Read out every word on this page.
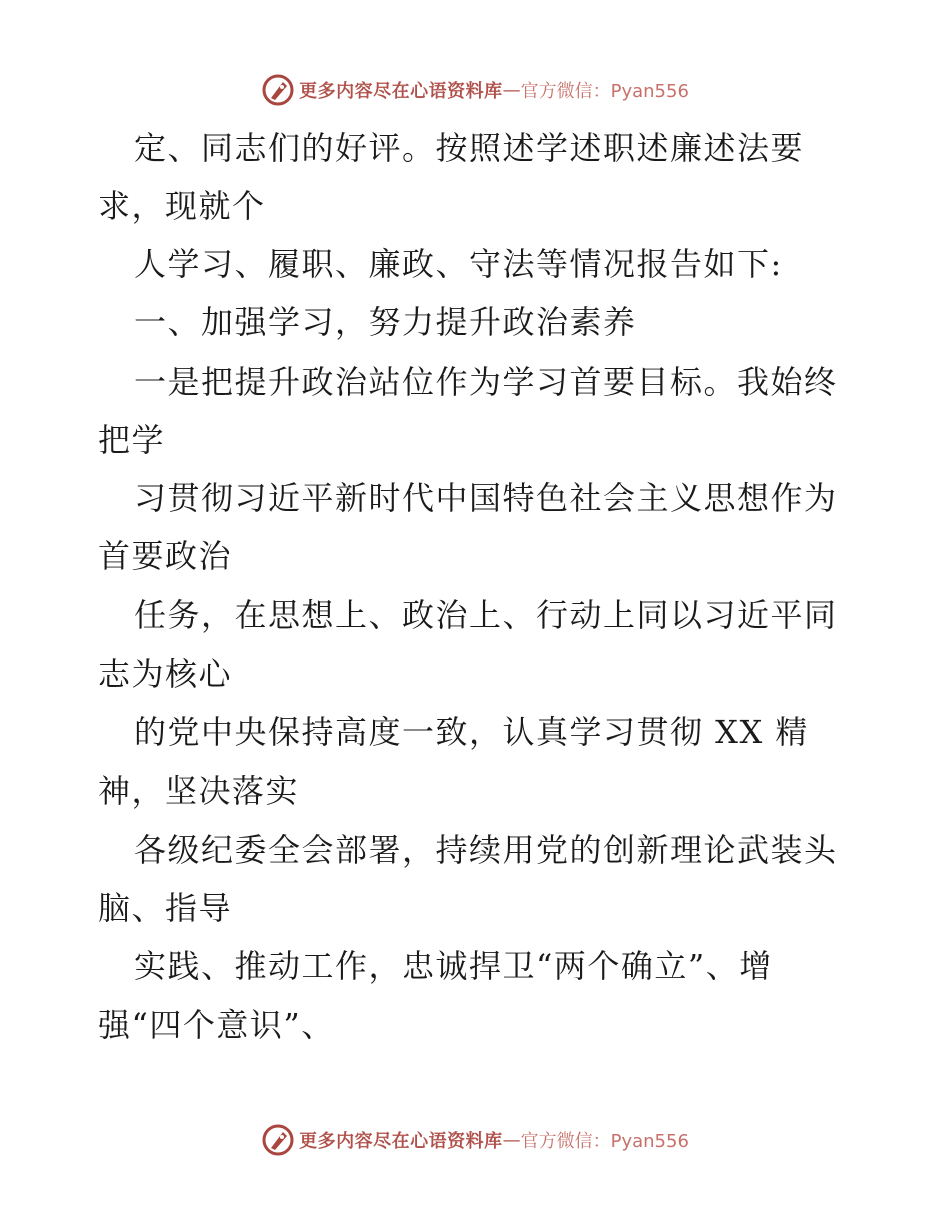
更多内容尽在心语资料库 — 官方微信：Pyan556
定、同志们的好评。按照述学述职述廉述法要
求，现就个
人学习、履职、廉政、守法等情况报告如下:
一、加强学习，努力提升政治素养
一是把提升政治站位作为学习首要目标。我始终
把学
习贯彻习近平新时代中国特色社会主义思想作为
首要政治
任务，在思想上、政治上、行动上同以习近平同
志为核心
的党中央保持高度一致，认真学习贯彻 XX 精
神，坚决落实
各级纪委全会部署，持续用党的创新理论武装头
脑、指导
实践、推动工作，忠诚捍卫“两个确立”、增
强“四个意识”、
更多内容尽在心语资料库 — 官方微信：Pyan556
